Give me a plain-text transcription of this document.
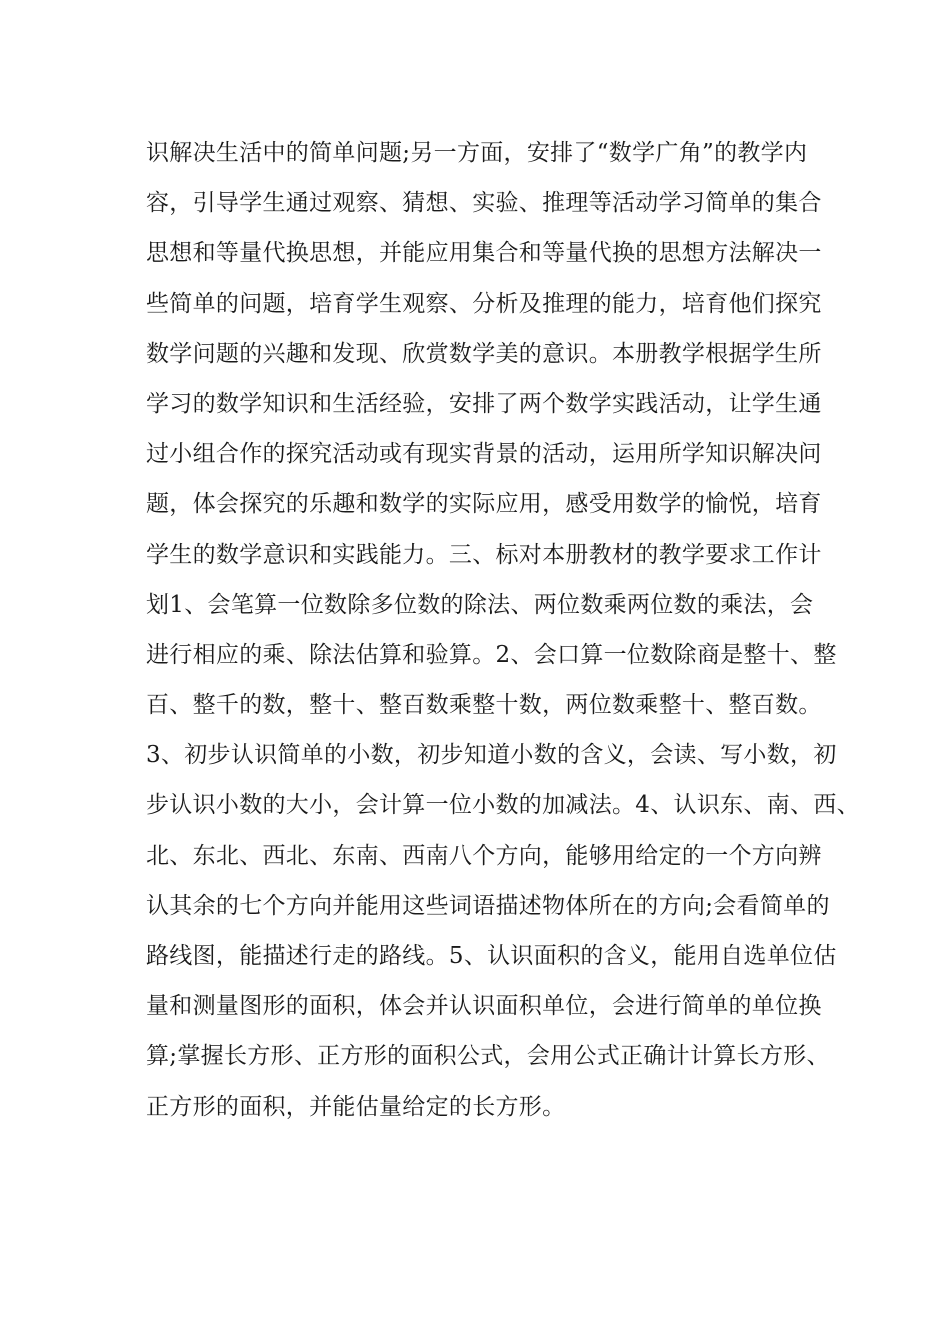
识解决生活中的简单问题;另一方面，安排了“数学广角”的教学内
容，引导学生通过观察、猜想、实验、推理等活动学习简单的集合
思想和等量代换思想，并能应用集合和等量代换的思想方法解决一
些简单的问题，培育学生观察、分析及推理的能力，培育他们探究
数学问题的兴趣和发现、欣赏数学美的意识。本册教学根据学生所
学习的数学知识和生活经验，安排了两个数学实践活动，让学生通
过小组合作的探究活动或有现实背景的活动，运用所学知识解决问
题，体会探究的乐趣和数学的实际应用，感受用数学的愉悦，培育
学生的数学意识和实践能力。三、标对本册教材的教学要求工作计
划1、会笔算一位数除多位数的除法、两位数乘两位数的乘法，会
进行相应的乘、除法估算和验算。2、会口算一位数除商是整十、整
百、整千的数，整十、整百数乘整十数，两位数乘整十、整百数。
3、初步认识简单的小数，初步知道小数的含义，会读、写小数，初
步认识小数的大小，会计算一位小数的加减法。4、认识东、南、西、
北、东北、西北、东南、西南八个方向，能够用给定的一个方向辨
认其余的七个方向并能用这些词语描述物体所在的方向;会看简单的
路线图，能描述行走的路线。5、认识面积的含义，能用自选单位估
量和测量图形的面积，体会并认识面积单位，会进行简单的单位换
算;掌握长方形、正方形的面积公式，会用公式正确计计算长方形、
正方形的面积，并能估量给定的长方形。
